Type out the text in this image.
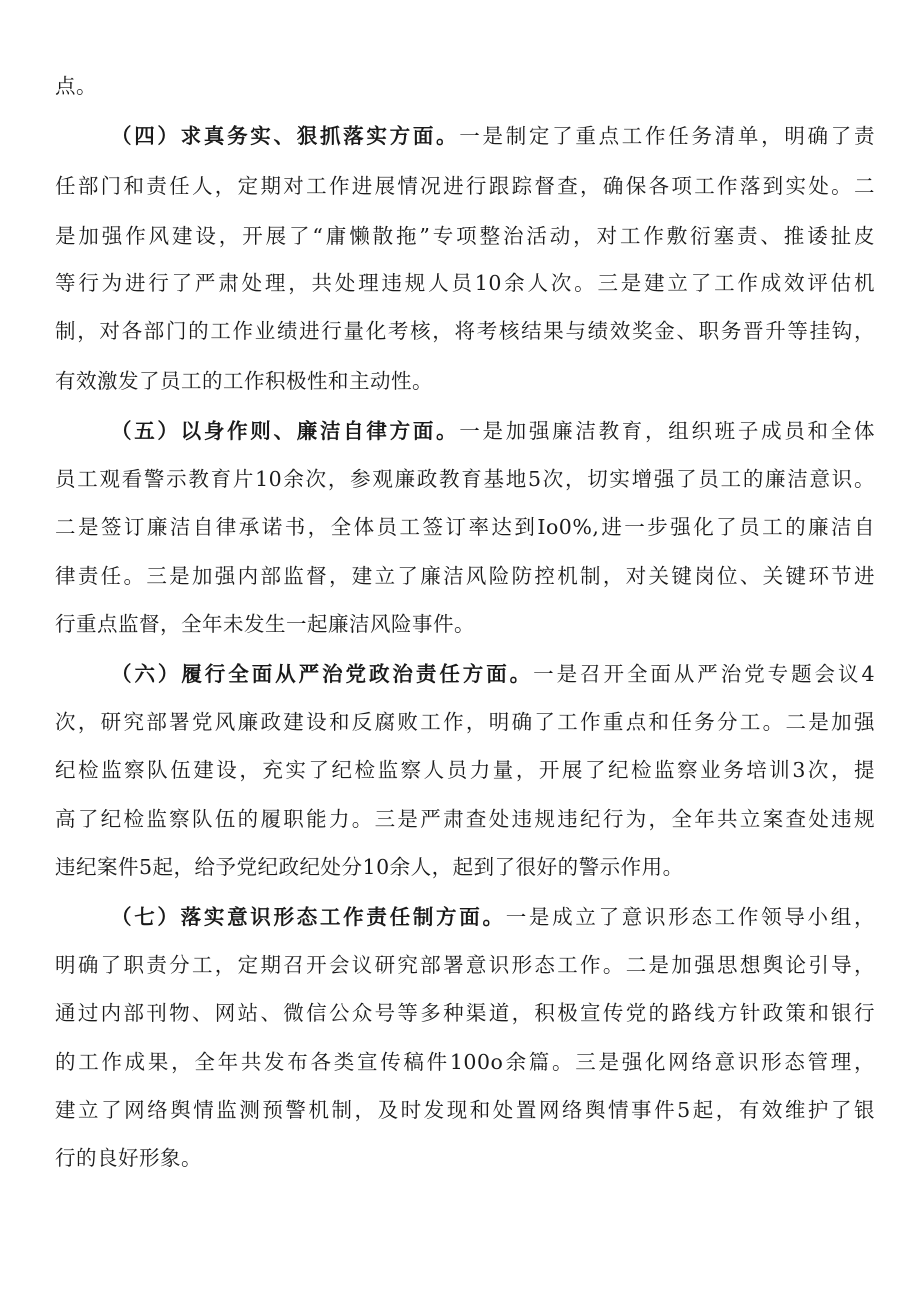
点。
（四）求真务实、狠抓落实方面。一是制定了重点工作任务清单，明确了责
任部门和责任人，定期对工作进展情况进行跟踪督查，确保各项工作落到实处。二
是加强作风建设，开展了“庸懒散拖”专项整治活动，对工作敷衍塞责、推诿扯皮
等行为进行了严肃处理，共处理违规人员10余人次。三是建立了工作成效评估机
制，对各部门的工作业绩进行量化考核，将考核结果与绩效奖金、职务晋升等挂钩，
有效激发了员工的工作积极性和主动性。
（五）以身作则、廉洁自律方面。一是加强廉洁教育，组织班子成员和全体
员工观看警示教育片10余次，参观廉政教育基地5次，切实增强了员工的廉洁意识。
二是签订廉洁自律承诺书，全体员工签订率达到Io0%,进一步强化了员工的廉洁自
律责任。三是加强内部监督，建立了廉洁风险防控机制，对关键岗位、关键环节进
行重点监督，全年未发生一起廉洁风险事件。
（六）履行全面从严治党政治责任方面。一是召开全面从严治党专题会议4
次，研究部署党风廉政建设和反腐败工作，明确了工作重点和任务分工。二是加强
纪检监察队伍建设，充实了纪检监察人员力量，开展了纪检监察业务培训3次，提
高了纪检监察队伍的履职能力。三是严肃查处违规违纪行为，全年共立案查处违规
违纪案件5起，给予党纪政纪处分10余人，起到了很好的警示作用。
（七）落实意识形态工作责任制方面。一是成立了意识形态工作领导小组，
明确了职责分工，定期召开会议研究部署意识形态工作。二是加强思想舆论引导，
通过内部刊物、网站、微信公众号等多种渠道，积极宣传党的路线方针政策和银行
的工作成果，全年共发布各类宣传稿件100o余篇。三是强化网络意识形态管理，
建立了网络舆情监测预警机制，及时发现和处置网络舆情事件5起，有效维护了银
行的良好形象。
